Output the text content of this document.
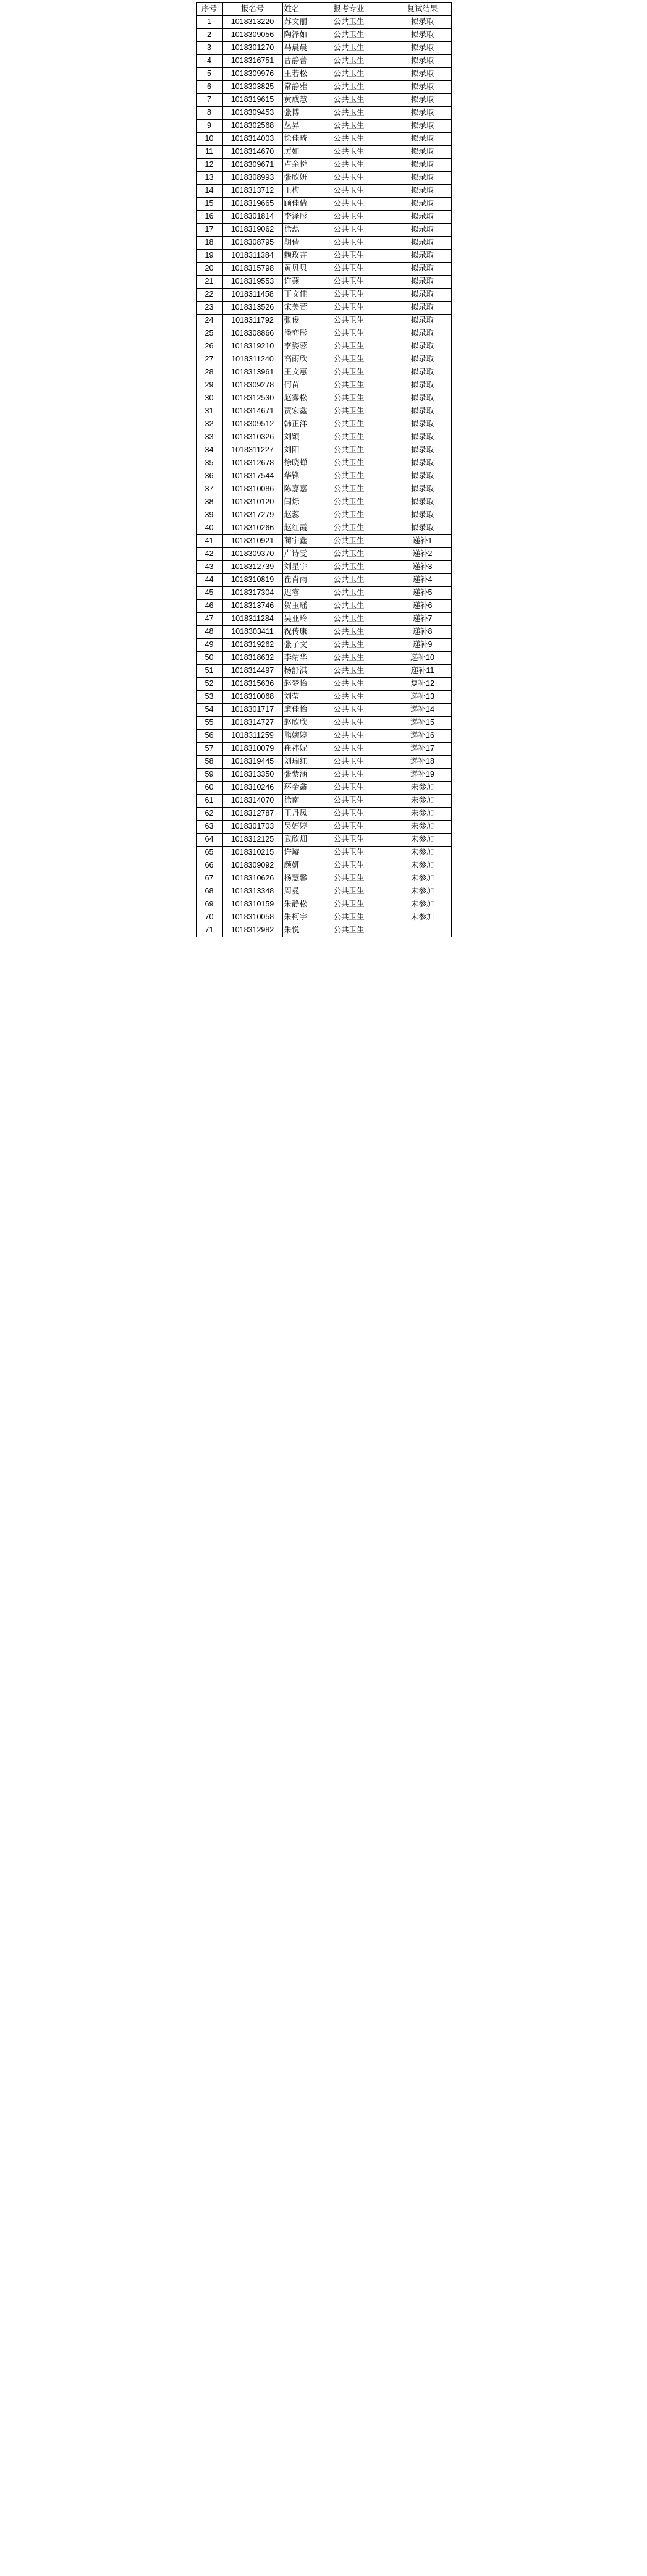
序号	报名号	姓名	报考专业	复试结果
1	1018313220	苏文丽	公共卫生	拟录取
2	1018309056	陶泽如	公共卫生	拟录取
3	1018301270	马晨晨	公共卫生	拟录取
4	1018316751	曹静蕾	公共卫生	拟录取
5	1018309976	王若松	公共卫生	拟录取
6	1018303825	常静雅	公共卫生	拟录取
7	1018319615	黄成慧	公共卫生	拟录取
8	1018309453	张博	公共卫生	拟录取
9	1018302568	丛昇	公共卫生	拟录取
10	1018314003	徐佳琦	公共卫生	拟录取
11	1018314670	厉如	公共卫生	拟录取
12	1018309671	卢余悦	公共卫生	拟录取
13	1018308993	张欣妍	公共卫生	拟录取
14	1018313712	王梅	公共卫生	拟录取
15	1018319665	顾佳倩	公共卫生	拟录取
16	1018301814	李泽彤	公共卫生	拟录取
17	1018319062	徐蕊	公共卫生	拟录取
18	1018308795	胡倩	公共卫生	拟录取
19	1018311384	赖玫卉	公共卫生	拟录取
20	1018315798	黄贝贝	公共卫生	拟录取
21	1018319553	许燕	公共卫生	拟录取
22	1018311458	丁文佳	公共卫生	拟录取
23	1018313526	宋美萱	公共卫生	拟录取
24	1018311792	张俊	公共卫生	拟录取
25	1018308866	潘弈彤	公共卫生	拟录取
26	1018319210	李姿蓉	公共卫生	拟录取
27	1018311240	高雨欣	公共卫生	拟录取
28	1018313961	王文惠	公共卫生	拟录取
29	1018309278	何苗	公共卫生	拟录取
30	1018312530	赵雾松	公共卫生	拟录取
31	1018314671	贾宏鑫	公共卫生	拟录取
32	1018309512	韩正洋	公共卫生	拟录取
33	1018310326	刘颖	公共卫生	拟录取
34	1018311227	刘阳	公共卫生	拟录取
35	1018312678	徐晓蝉	公共卫生	拟录取
36	1018317544	华锋	公共卫生	拟录取
37	1018310086	陈嘉嘉	公共卫生	拟录取
38	1018310120	闫烁	公共卫生	拟录取
39	1018317279	赵蕊	公共卫生	拟录取
40	1018310266	赵红霞	公共卫生	拟录取
41	1018310921	蔺宇鑫	公共卫生	递补1
42	1018309370	卢诗雯	公共卫生	递补2
43	1018312739	刘星宇	公共卫生	递补3
44	1018310819	崔肖雨	公共卫生	递补4
45	1018317304	迟睿	公共卫生	递补5
46	1018313746	贺玉瑶	公共卫生	递补6
47	1018311284	吴亚玲	公共卫生	递补7
48	1018303411	祝传康	公共卫生	递补8
49	1018319262	张子文	公共卫生	递补9
50	1018318632	李靖华	公共卫生	递补10
51	1018314497	杨舒淇	公共卫生	递补11
52	1018315636	赵梦怡	公共卫生	复补12
53	1018310068	刘莹	公共卫生	递补13
54	1018301717	廉佳怡	公共卫生	递补14
55	1018314727	赵欣欣	公共卫生	递补15
56	1018311259	熊婉婷	公共卫生	递补16
57	1018310079	崔祎妮	公共卫生	递补17
58	1018319445	刘瑞红	公共卫生	递补18
59	1018313350	张紫涵	公共卫生	递补19
60	1018310246	环金鑫	公共卫生	未参加
61	1018314070	徐南	公共卫生	未参加
62	1018312787	王丹凤	公共卫生	未参加
63	1018301703	吴婷婷	公共卫生	未参加
64	1018312125	武欣畑	公共卫生	未参加
65	1018310215	许璇	公共卫生	未参加
66	1018309092	颜妍	公共卫生	未参加
67	1018310626	杨慧馨	公共卫生	未参加
68	1018313348	周曼	公共卫生	未参加
69	1018310159	朱静松	公共卫生	未参加
70	1018310058	朱柯宇	公共卫生	未参加
71	1018312982	朱悦	公共卫生	
